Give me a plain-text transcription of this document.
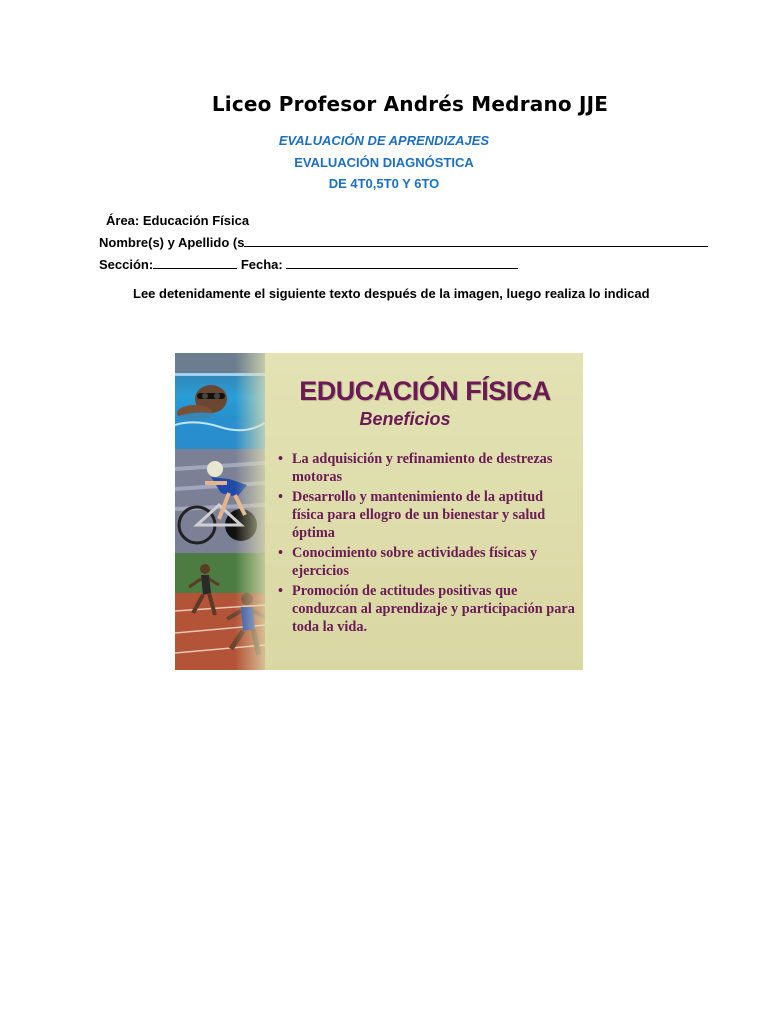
Liceo Profesor Andrés Medrano JJE
EVALUACIÓN DE APRENDIZAJES
EVALUACIÓN DIAGNÓSTICA
DE 4T0,5T0 Y 6TO
Área: Educación Física
Nombre(s) y Apellido (s
Sección:	Fecha:
Lee detenidamente el siguiente texto después de la imagen, luego realiza lo indicad
EDUCACIÓN FÍSICA
Beneficios
• La adquisición y refinamiento de destrezas motoras
• Desarrollo y mantenimiento de la aptitud física para ellogro de un bienestar y salud óptima
• Conocimiento sobre actividades físicas y ejercicios
• Promoción de actitudes positivas que conduzcan al aprendizaje y participación para toda la vida.
